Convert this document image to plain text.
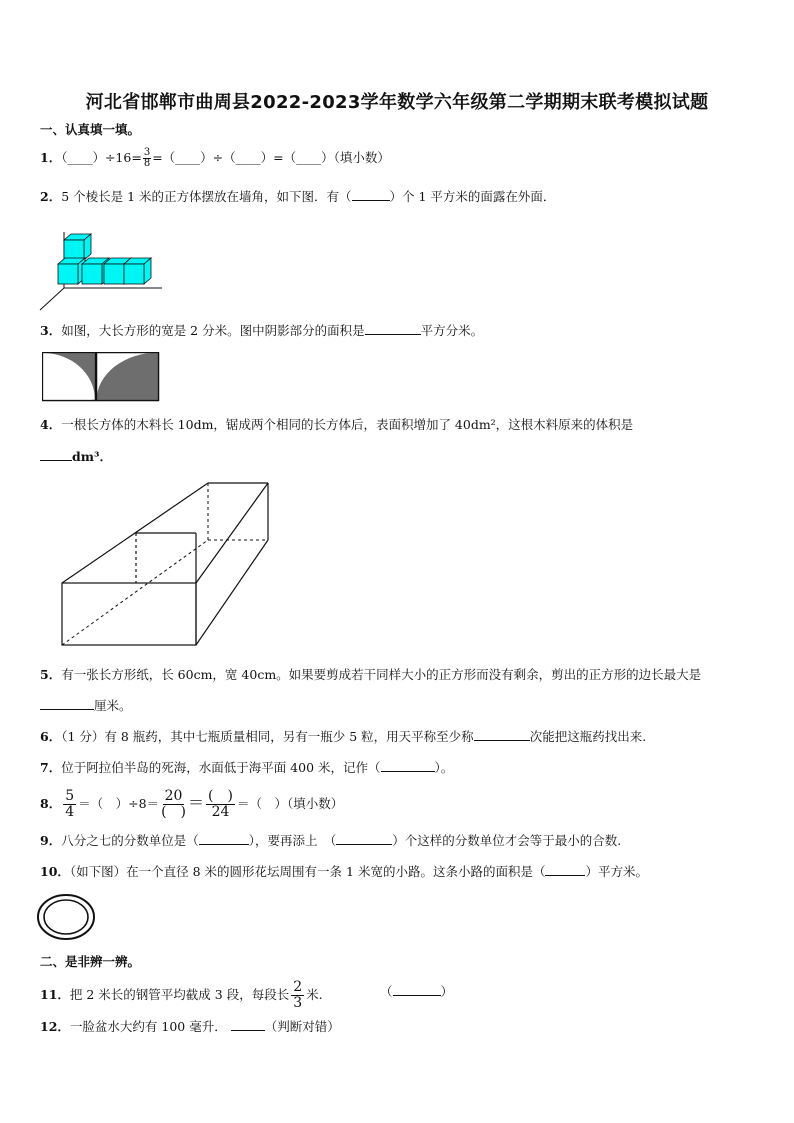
河北省邯郸市曲周县2022-2023学年数学六年级第二学期期末联考模拟试题
一、认真填一填。
1．（____）÷16= $\frac{3}{8}$ =（____）÷（____）=（____）（填小数）
2．5 个棱长是 1 米的正方体摆放在墙角，如下图．有（	）个 1 平方米的面露在外面．
3．如图，大长方形的宽是 2 分米。图中阴影部分的面积是	平方分米。
4．一根长方体的木料长 10dm，锯成两个相同的长方体后，表面积增加了 40dm²，这根木料原来的体积是
dm³．
5．有一张长方形纸，长 60cm，宽 40cm。如果要剪成若干同样大小的正方形而没有剩余，剪出的正方形的边长最大是
厘米。
6．（1 分）有 8 瓶药，其中七瓶质量相同，另有一瓶少 5 粒，用天平称至少称	次能把这瓶药找出来.
7．位于阿拉伯半岛的死海，水面低于海平面 400 米，记作（	）。
8． $\frac{5}{4}$ ＝（　）÷8＝ 20
(　) ＝ (　)
24
＝（　）（填小数）
9．八分之七的分数单位是（	），要再添上　（	）个这样的分数单位才会等于最小的合数.
10．（如下图）在一个直径 8 米的圆形花坛周围有一条 1 米宽的小路。这条小路的面积是（	）平方米。
二、是非辨一辨。
11．把 2 米长的钢管平均截成 3 段，每段长 $\frac{2}{3}$ 米.	（	）
12．一脸盆水大约有 100 毫升．	（判断对错）
